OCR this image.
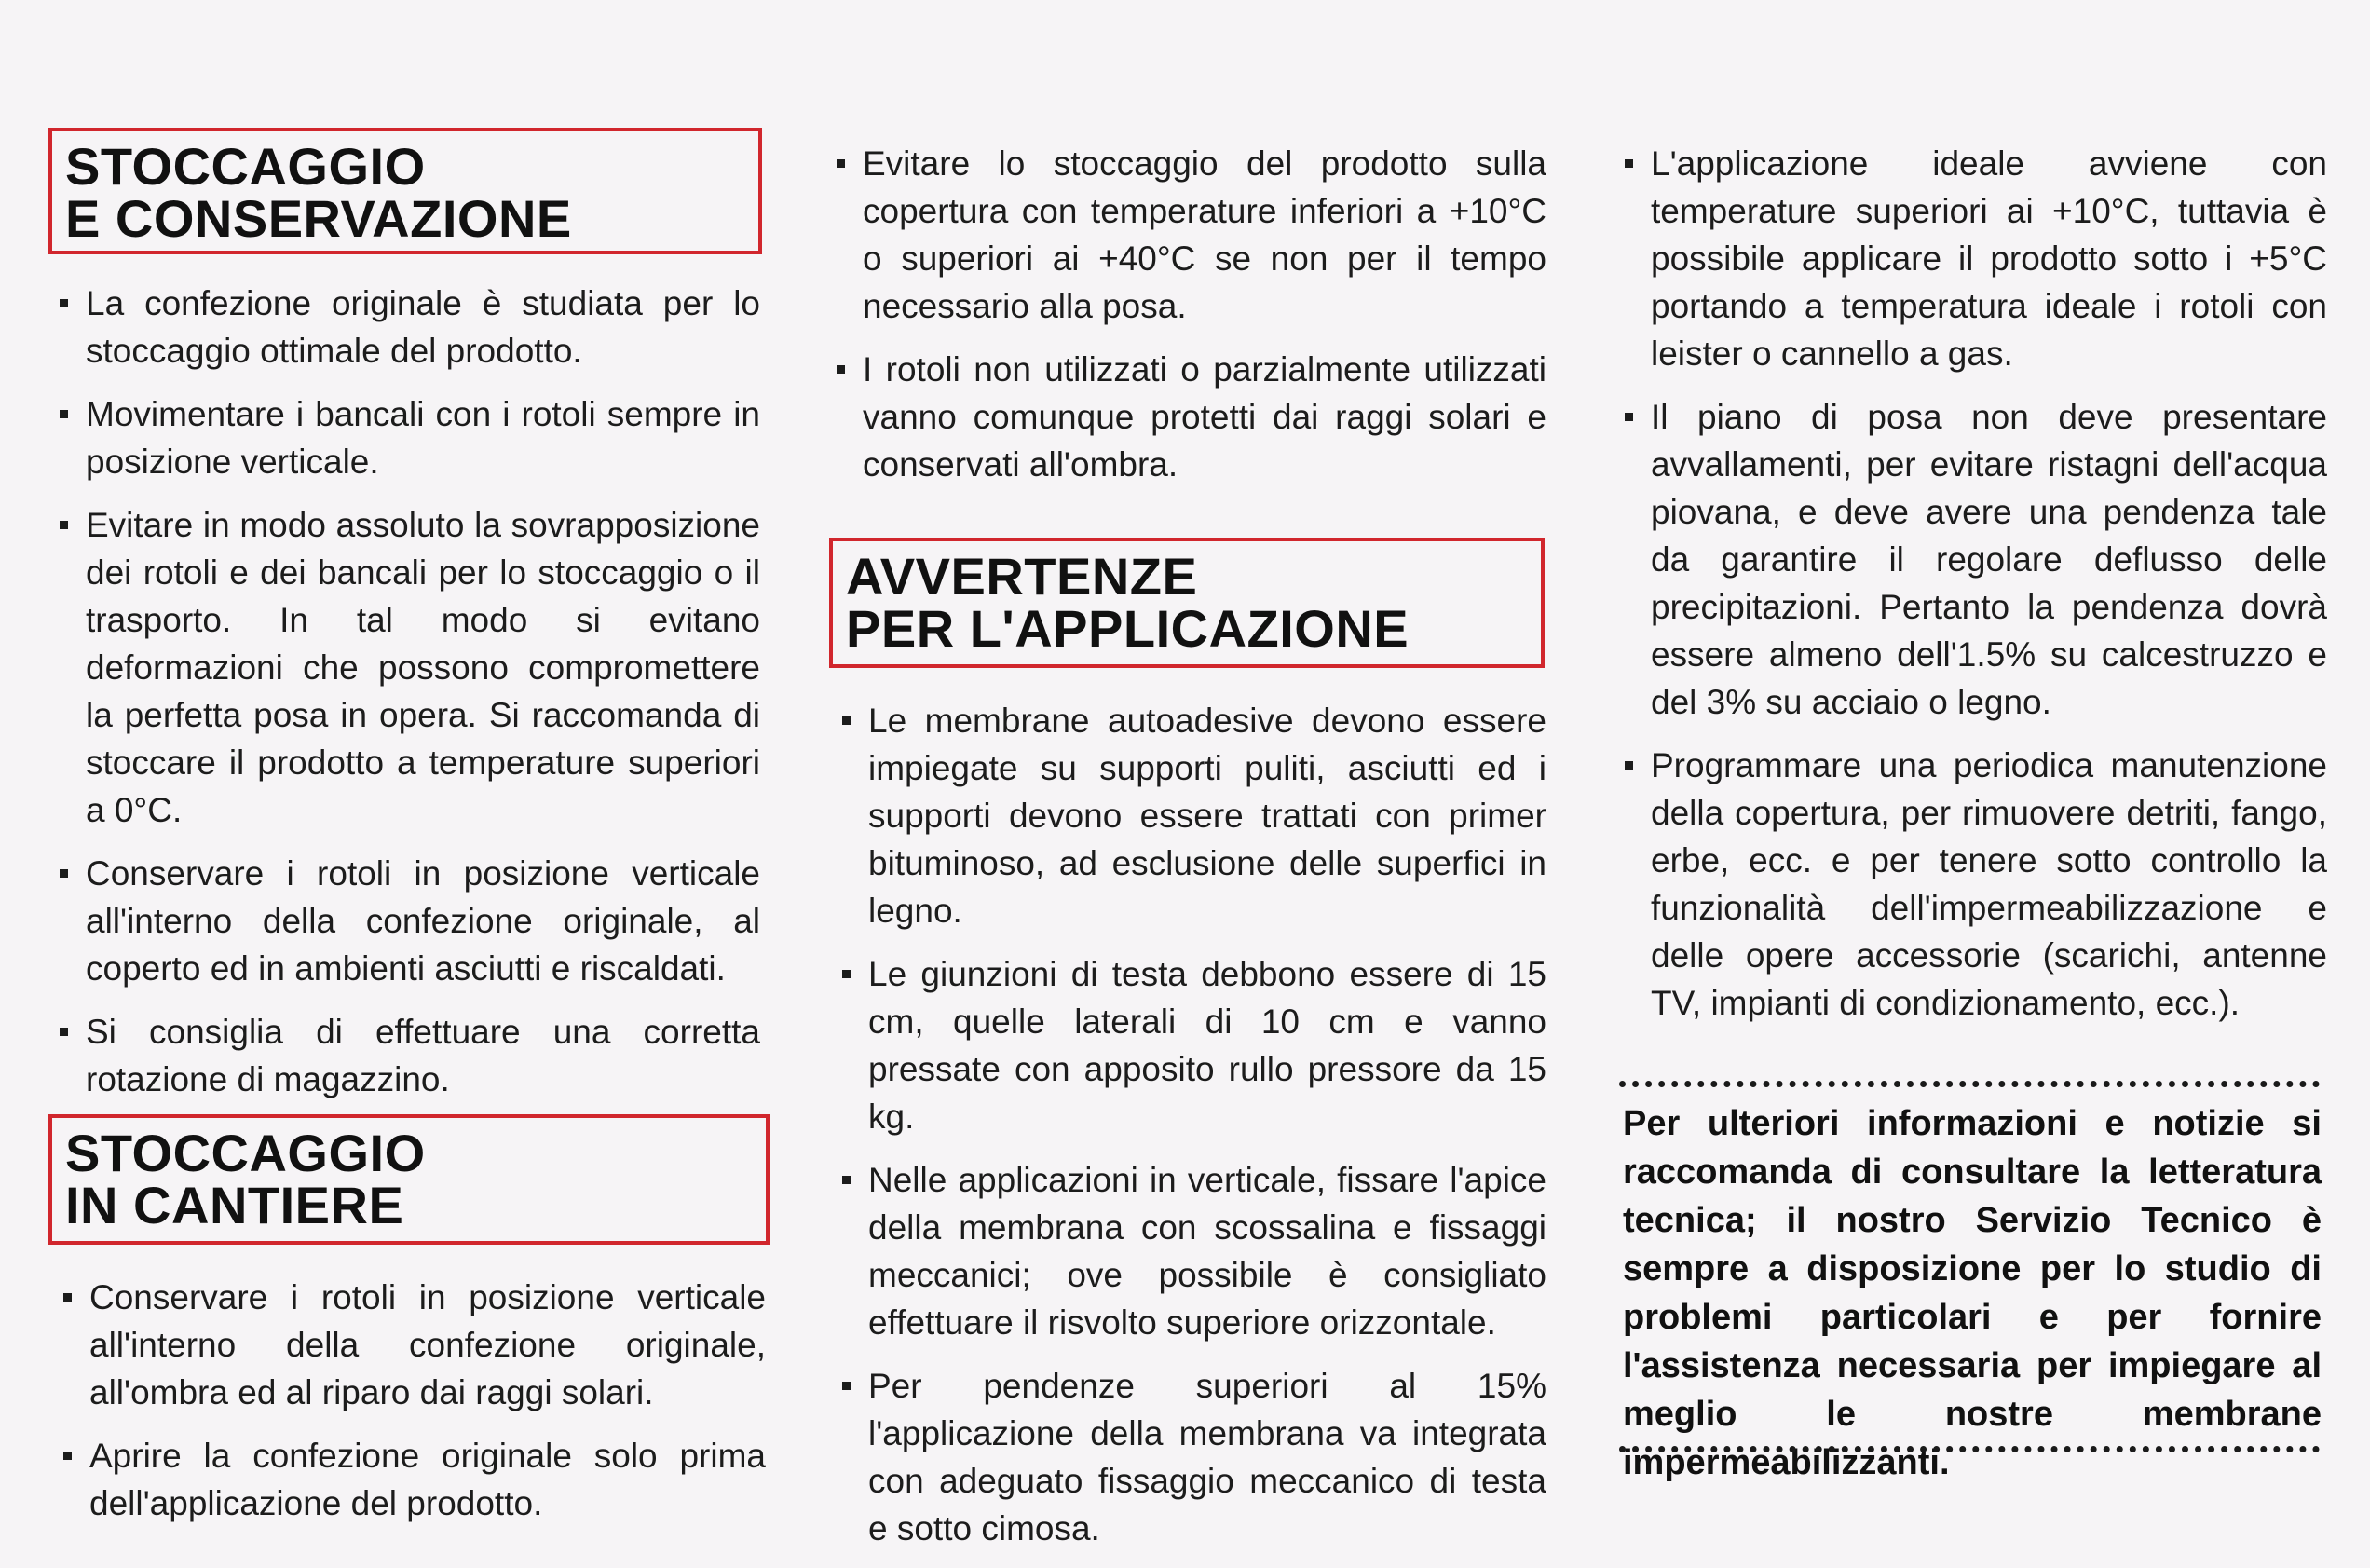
STOCCAGGIO
E CONSERVAZIONE
La confezione originale è studiata per lo stoccaggio ottimale del prodotto.
Movimentare i bancali con i rotoli sempre in posizione verticale.
Evitare in modo assoluto la sovrapposizione dei rotoli e dei bancali per lo stoccaggio o il trasporto. In tal modo si evitano deformazioni che possono compromettere la perfetta posa in opera. Si raccomanda di stoccare il prodotto a temperature superiori a 0°C.
Conservare i rotoli in posizione verticale all'interno della confezione originale, al coperto ed in ambienti asciutti e riscaldati.
Si consiglia di effettuare una corretta rotazione di magazzino.
STOCCAGGIO
IN CANTIERE
Conservare i rotoli in posizione verticale all'interno della confezione originale, all'ombra ed al riparo dai raggi solari.
Aprire la confezione originale solo prima dell'applicazione del prodotto.
Evitare lo stoccaggio del prodotto sulla copertura con temperature inferiori a +10°C o superiori ai +40°C se non per il tempo necessario alla posa.
I rotoli non utilizzati o parzialmente utilizzati vanno comunque protetti dai raggi solari e conservati all'ombra.
AVVERTENZE
PER L'APPLICAZIONE
Le membrane autoadesive devono essere impiegate su supporti puliti, asciutti ed i supporti devono essere trattati con primer bituminoso, ad esclusione delle superfici in legno.
Le giunzioni di testa debbono essere di 15 cm, quelle laterali di 10 cm e vanno pressate con apposito rullo pressore da 15 kg.
Nelle applicazioni in verticale, fissare l'apice della membrana con scossalina e fissaggi meccanici; ove possibile è consigliato effettuare il risvolto superiore orizzontale.
Per pendenze superiori al 15% l'applicazione della membrana va integrata con adeguato fissaggio meccanico di testa e sotto cimosa.
L'applicazione ideale avviene con temperature superiori ai +10°C, tuttavia è possibile applicare il prodotto sotto i +5°C portando a temperatura ideale i rotoli con leister o cannello a gas.
Il piano di posa non deve presentare avvallamenti, per evitare ristagni dell'acqua piovana, e deve avere una pendenza tale da garantire il regolare deflusso delle precipitazioni. Pertanto la pendenza dovrà essere almeno dell'1.5% su calcestruzzo e del 3% su acciaio o legno.
Programmare una periodica manutenzione della copertura, per rimuovere detriti, fango, erbe, ecc. e per tenere sotto controllo la funzionalità dell'impermeabilizzazione e delle opere accessorie (scarichi, antenne TV, impianti di condizionamento, ecc.).
Per ulteriori informazioni e notizie si raccomanda di consultare la letteratura tecnica; il nostro Servizio Tecnico è sempre a disposizione per lo studio di problemi particolari e per fornire l'assistenza necessaria per impiegare al meglio le nostre membrane impermeabilizzanti.
